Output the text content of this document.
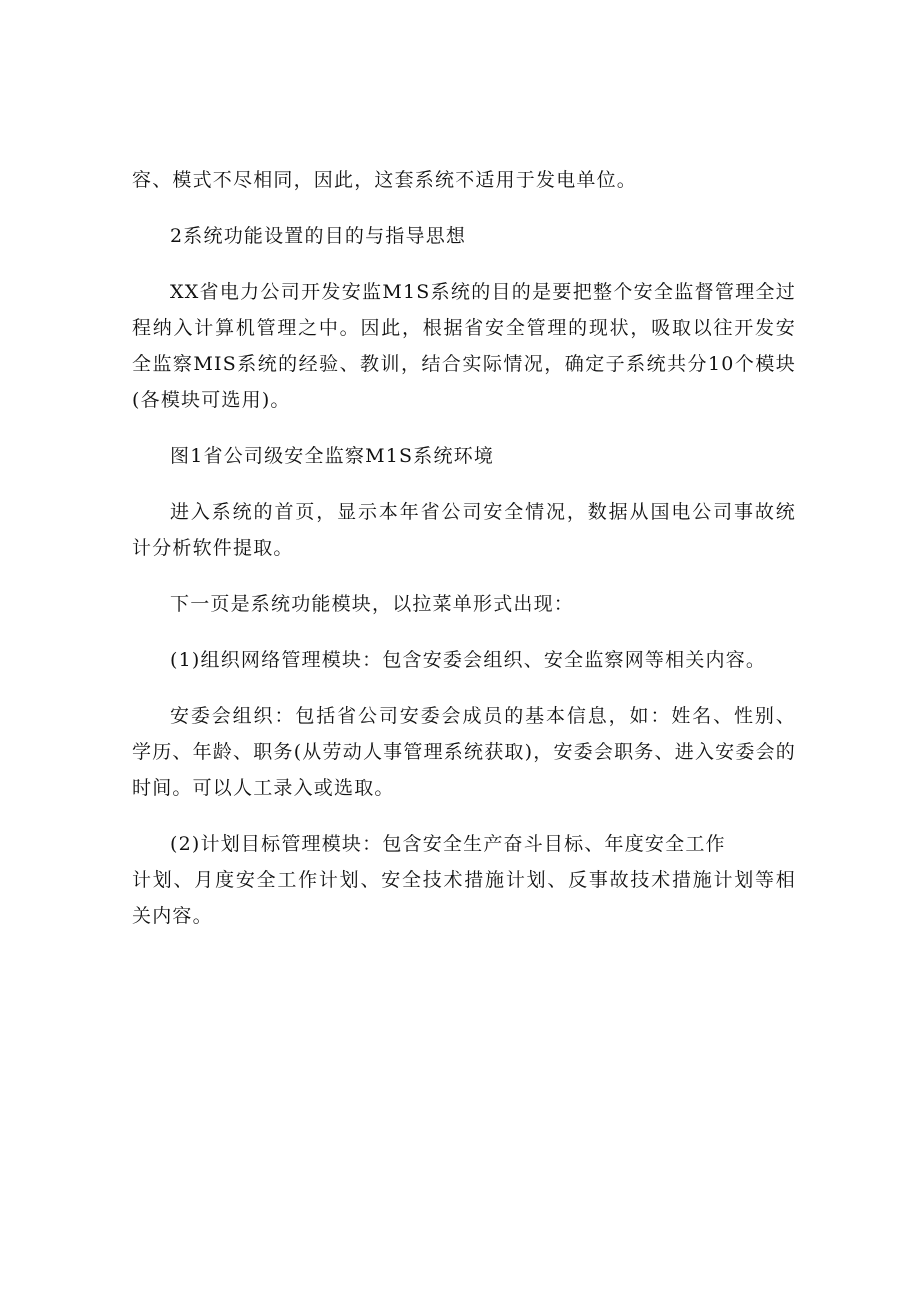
容、模式不尽相同，因此，这套系统不适用于发电单位。

2系统功能设置的目的与指导思想

XX省电力公司开发安监M1S系统的目的是要把整个安全监督管理全过程纳入计算机管理之中。因此，根据省安全管理的现状，吸取以往开发安全监察MIS系统的经验、教训，结合实际情况，确定子系统共分10个模块(各模块可选用)。

图1省公司级安全监察M1S系统环境

进入系统的首页，显示本年省公司安全情况，数据从国电公司事故统计分析软件提取。

下一页是系统功能模块，以拉菜单形式出现：

(1)组织网络管理模块：包含安委会组织、安全监察网等相关内容。

安委会组织：包括省公司安委会成员的基本信息，如：姓名、性别、学历、年龄、职务(从劳动人事管理系统获取)，安委会职务、进入安委会的时间。可以人工录入或选取。

(2)计划目标管理模块：包含安全生产奋斗目标、年度安全工作

计划、月度安全工作计划、安全技术措施计划、反事故技术措施计划等相关内容。
